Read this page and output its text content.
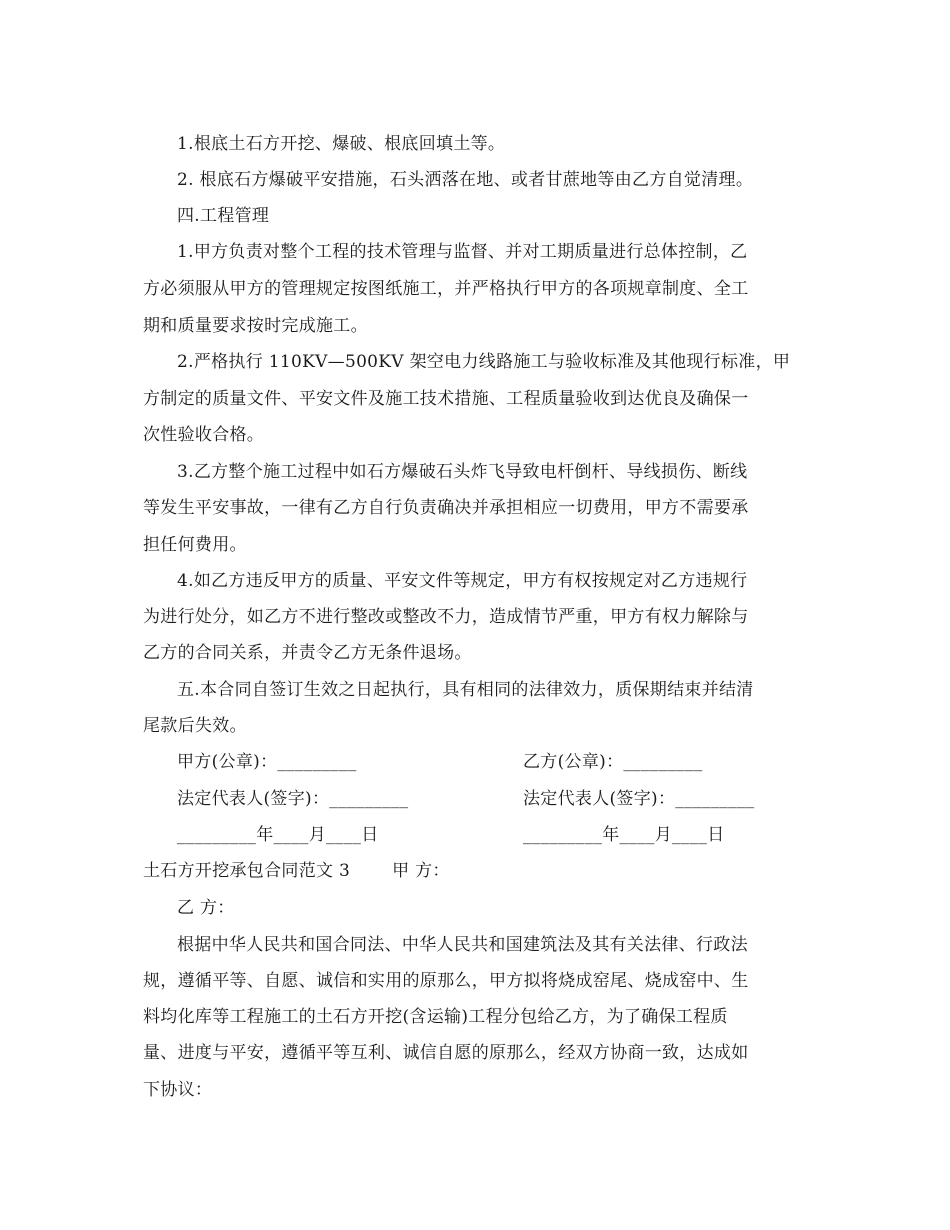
1.根底土石方开挖、爆破、根底回填土等。
2. 根底石方爆破平安措施，石头洒落在地、或者甘蔗地等由乙方自觉清理。
四.工程管理
1.甲方负责对整个工程的技术管理与监督、并对工期质量进行总体控制，乙
方必须服从甲方的管理规定按图纸施工，并严格执行甲方的各项规章制度、全工
期和质量要求按时完成施工。
2.严格执行 110KV—500KV 架空电力线路施工与验收标准及其他现行标准，甲
方制定的质量文件、平安文件及施工技术措施、工程质量验收到达优良及确保一
次性验收合格。
3.乙方整个施工过程中如石方爆破石头炸飞导致电杆倒杆、导线损伤、断线
等发生平安事故，一律有乙方自行负责确决并承担相应一切费用，甲方不需要承
担任何费用。
4.如乙方违反甲方的质量、平安文件等规定，甲方有权按规定对乙方违规行
为进行处分，如乙方不进行整改或整改不力，造成情节严重，甲方有权力解除与
乙方的合同关系，并责令乙方无条件退场。
五.本合同自签订生效之日起执行，具有相同的法律效力，质保期结束并结清
尾款后失效。
甲方(公章)：_________	乙方(公章)：_________
法定代表人(签字)：_________	法定代表人(签字)：_________
_________年____月____日	_________年____月____日
土石方开挖承包合同范文 3 甲 方：
乙 方：
根据中华人民共和国合同法、中华人民共和国建筑法及其有关法律、行政法
规，遵循平等、自愿、诚信和实用的原那么，甲方拟将烧成窑尾、烧成窑中、生
料均化库等工程施工的土石方开挖(含运输)工程分包给乙方，为了确保工程质
量、进度与平安，遵循平等互利、诚信自愿的原那么，经双方协商一致，达成如
下协议：
